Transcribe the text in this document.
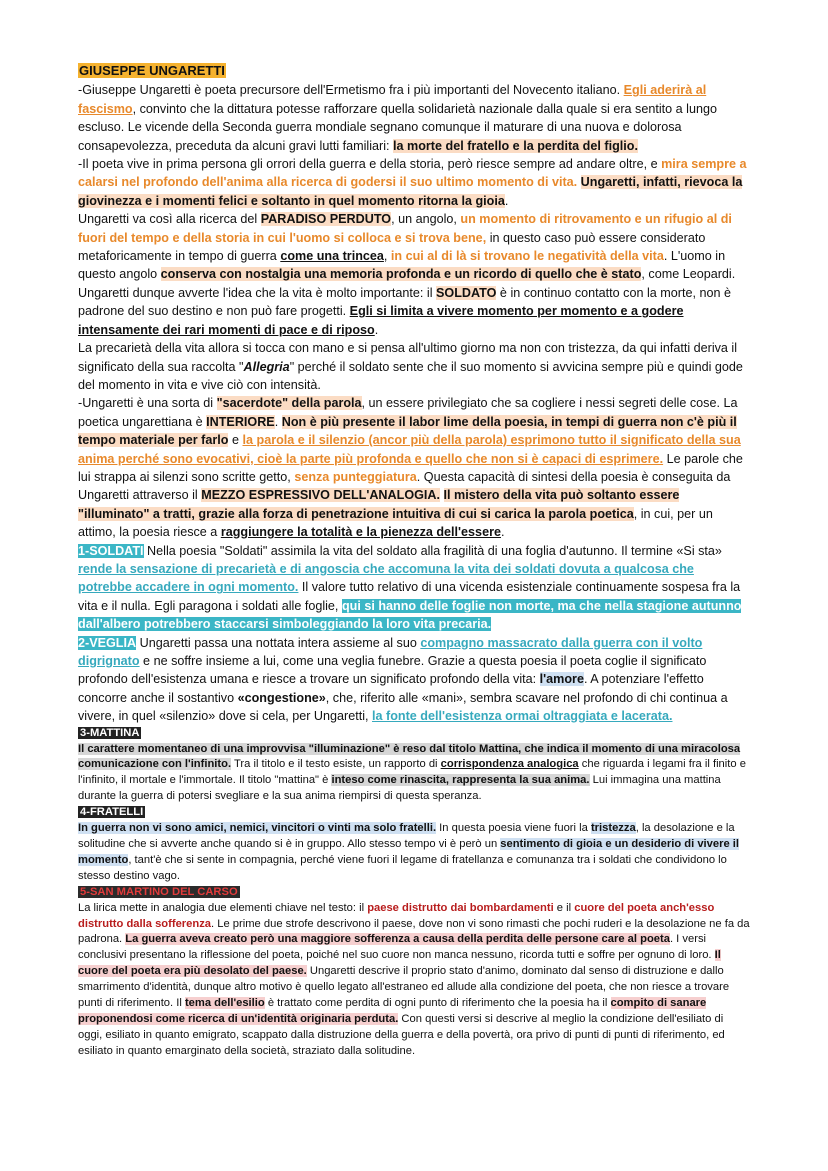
GIUSEPPE UNGARETTI

-Giuseppe Ungaretti è poeta precursore dell'Ermetismo fra i più importanti del Novecento italiano. Egli aderirà al fascismo, convinto che la dittatura potesse rafforzare quella solidarietà nazionale dalla quale si era sentito a lungo escluso. Le vicende della Seconda guerra mondiale segnano comunque il maturare di una nuova e dolorosa consapevolezza, preceduta da alcuni gravi lutti familiari: la morte del fratello e la perdita del figlio.

-Il poeta vive in prima persona gli orrori della guerra e della storia, però riesce sempre ad andare oltre, e mira sempre a calarsi nel profondo dell'anima alla ricerca di godersi il suo ultimo momento di vita. Ungaretti, infatti, rievoca la giovinezza e i momenti felici e soltanto in quel momento ritorna la gioia.

Ungaretti va così alla ricerca del PARADISO PERDUTO, un angolo, un momento di ritrovamento e un rifugio al di fuori del tempo e della storia in cui l'uomo si colloca e si trova bene, in questo caso può essere considerato metaforicamente in tempo di guerra come una trincea, in cui al di là si trovano le negatività della vita. L'uomo in questo angolo conserva con nostalgia una memoria profonda e un ricordo di quello che è stato, come Leopardi. Ungaretti dunque avverte l'idea che la vita è molto importante: il SOLDATO è in continuo contatto con la morte, non è padrone del suo destino e non può fare progetti. Egli si limita a vivere momento per momento e a godere intensamente dei rari momenti di pace e di riposo.

La precarietà della vita allora si tocca con mano e si pensa all'ultimo giorno ma non con tristezza, da qui infatti deriva il significato della sua raccolta "Allegria" perché il soldato sente che il suo momento si avvicina sempre più e quindi gode del momento in vita e vive ciò con intensità.

-Ungaretti è una sorta di "sacerdote" della parola, un essere privilegiato che sa cogliere i nessi segreti delle cose. La poetica ungarettiana è INTERIORE. Non è più presente il labor lime della poesia, in tempi di guerra non c'è più il tempo materiale per farlo e la parola e il silenzio (ancor più della parola) esprimono tutto il significato della sua anima perché sono evocativi, cioè la parte più profonda e quello che non si è capaci di esprimere. Le parole che lui strappa ai silenzi sono scritte getto, senza punteggiatura. Questa capacità di sintesi della poesia è conseguita da Ungaretti attraverso il MEZZO ESPRESSIVO DELL'ANALOGIA. Il mistero della vita può soltanto essere "illuminato" a tratti, grazie alla forza di penetrazione intuitiva di cui si carica la parola poetica, in cui, per un attimo, la poesia riesce a raggiungere la totalità e la pienezza dell'essere.

1-SOLDATI Nella poesia "Soldati" assimila la vita del soldato alla fragilità di una foglia d'autunno. Il termine «Si sta» rende la sensazione di precarietà e di angoscia che accomuna la vita dei soldati dovuta a qualcosa che potrebbe accadere in ogni momento. Il valore tutto relativo di una vicenda esistenziale continuamente sospesa fra la vita e il nulla. Egli paragona i soldati alle foglie, qui si hanno delle foglie non morte, ma che nella stagione autunno dall'albero potrebbero staccarsi simboleggiando la loro vita precaria.

2-VEGLIA Ungaretti passa una nottata intera assieme al suo compagno massacrato dalla guerra con il volto digrignato e ne soffre insieme a lui, come una veglia funebre. Grazie a questa poesia il poeta coglie il significato profondo dell'esistenza umana e riesce a trovare un significato profondo della vita: l'amore. A potenziare l'effetto concorre anche il sostantivo «congestione», che, riferito alle «mani», sembra scavare nel profondo di chi continua a vivere, in quel «silenzio» dove si cela, per Ungaretti, la fonte dell'esistenza ormai oltraggiata e lacerata.

3-MATTINA

Il carattere momentaneo di una improvvisa "illuminazione" è reso dal titolo Mattina, che indica il momento di una miracolosa comunicazione con l'infinito. Tra il titolo e il testo esiste, un rapporto di corrispondenza analogica che riguarda i legami fra il finito e l'infinito, il mortale e l'immortale. Il titolo "mattina" è inteso come rinascita, rappresenta la sua anima. Lui immagina una mattina durante la guerra di potersi svegliare e la sua anima riempirsi di questa speranza.

4-FRATELLI

In guerra non vi sono amici, nemici, vincitori o vinti ma solo fratelli. In questa poesia viene fuori la tristezza, la desolazione e la solitudine che si avverte anche quando si è in gruppo. Allo stesso tempo vi è però un sentimento di gioia e un desiderio di vivere il momento, tant'è che si sente in compagnia, perché viene fuori il legame di fratellanza e comunanza tra i soldati che condividono lo stesso destino vago.

5-SAN MARTINO DEL CARSO

La lirica mette in analogia due elementi chiave nel testo: il paese distrutto dai bombardamenti e il cuore del poeta anch'esso distrutto dalla sofferenza. Le prime due strofe descrivono il paese, dove non vi sono rimasti che pochi ruderi e la desolazione ne fa da padrona. La guerra aveva creato però una maggiore sofferenza a causa della perdita delle persone care al poeta. I versi conclusivi presentano la riflessione del poeta, poiché nel suo cuore non manca nessuno, ricorda tutti e soffre per ognuno di loro. Il cuore del poeta era più desolato del paese. Ungaretti descrive il proprio stato d'animo, dominato dal senso di distruzione e dallo smarrimento d'identità, dunque altro motivo è quello legato all'estraneo ed allude alla condizione del poeta, che non riesce a trovare punti di riferimento. Il tema dell'esilio è trattato come perdita di ogni punto di riferimento che la poesia ha il compito di sanare proponendosi come ricerca di un'identità originaria perduta. Con questi versi si descrive al meglio la condizione dell'esiliato di oggi, esiliato in quanto emigrato, scappato dalla distruzione della guerra e della povertà, ora privo di punti di punti di riferimento, ed esiliato in quanto emarginato della società, straziato dalla solitudine.
